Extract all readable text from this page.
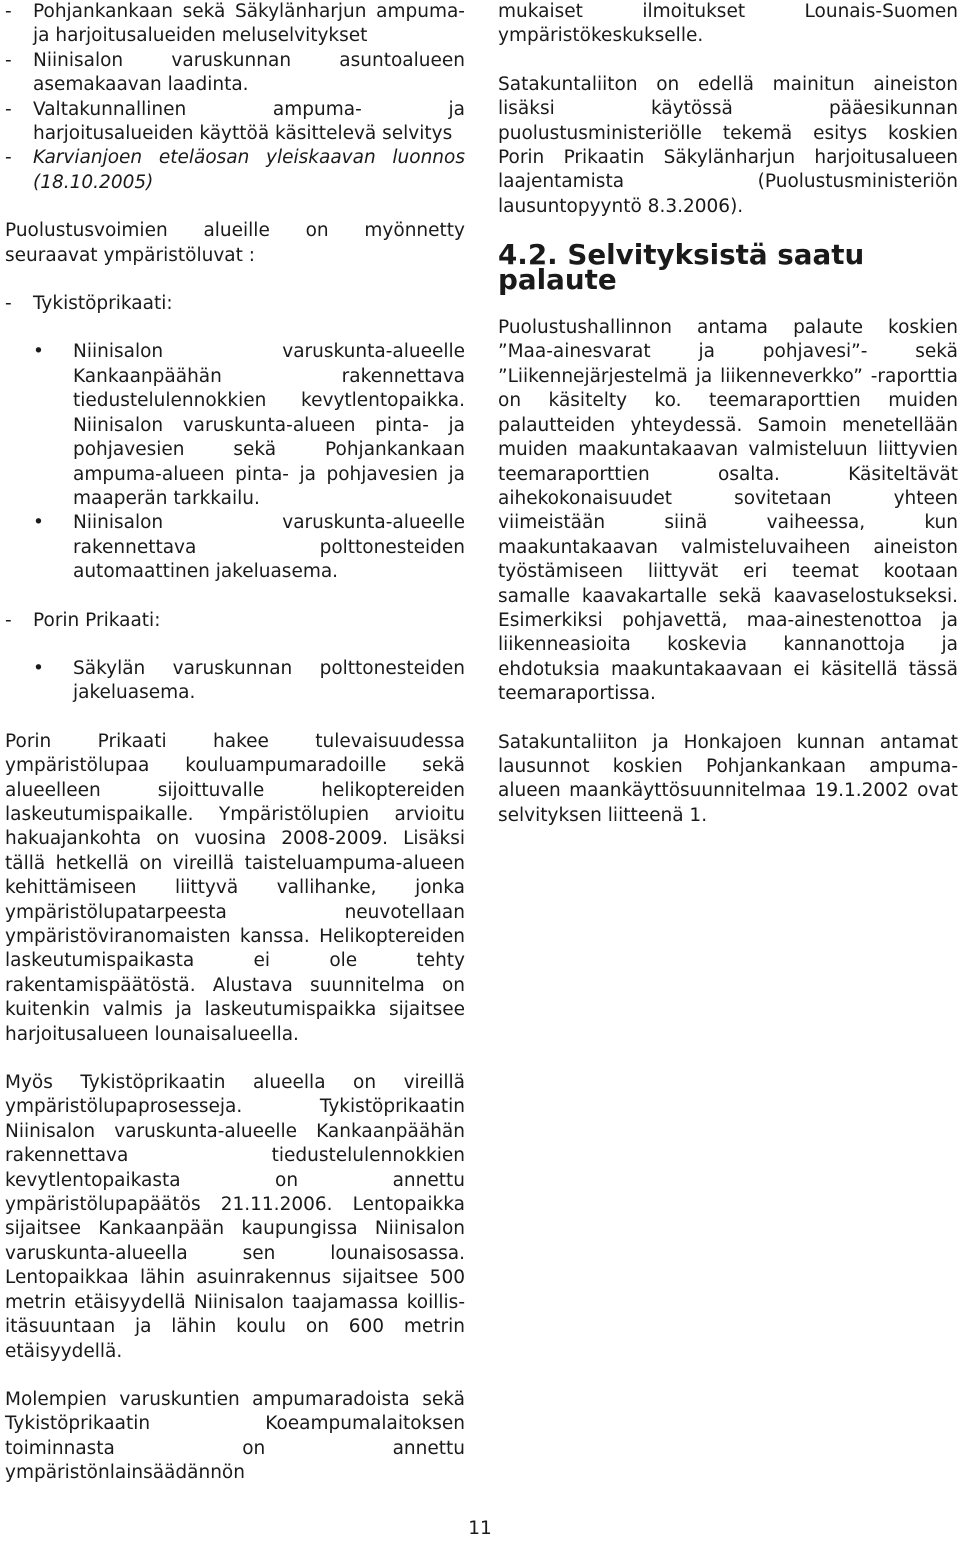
- Pohjankankaan sekä Säkylänharjun ampuma- ja harjoitusalueiden meluselvitykset

- Niinisalon varuskunnan asuntoalueen asemakaavan laadinta.

- Valtakunnallinen ampuma- ja harjoitusalueiden käyttöä käsittelevä selvitys

- Karvianjoen eteläosan yleiskaavan luonnos (18.10.2005)

Puolustusvoimien alueille on myönnetty seuraavat ympäristöluvat :

- Tykistöprikaati:

• Niinisalon varuskunta-alueelle Kankaanpäähän rakennettava tiedustelulennokkien kevytlentopaikka. Niinisalon varuskunta-alueen pinta- ja pohjavesien sekä Pohjankankaan ampuma-alueen pinta- ja pohjavesien ja maaperän tarkkailu.
• Niinisalon varuskunta-alueelle rakennettava polttonesteiden automaattinen jakeluasema.
- Porin Prikaati:

• Säkylän varuskunnan polttonesteiden jakeluasema.

Porin Prikaati hakee tulevaisuudessa ympäristölupaa kouluampumaradoille sekä alueelleen sijoittuvalle helikoptereiden laskeutumispaikalle. Ympäristölupien arvioitu hakuajankohta on vuosina 2008-2009. Lisäksi tällä hetkellä on vireillä taisteluampuma-alueen kehittämiseen liittyvä vallihanke, jonka ympäristölupatarpeesta neuvotellaan ympäristöviranomaisten kanssa. Helikoptereiden laskeutumispaikasta ei ole tehty rakentamispäätöstä. Alustava suunnitelma on kuitenkin valmis ja laskeutumispaikka sijaitsee harjoitusalueen lounaisalueella.

Myös Tykistöprikaatin alueella on vireillä ympäristölupaprosesseja. Tykistöprikaatin Niinisalon varuskunta-alueelle Kankaanpäähän rakennettava tiedustelulennokkien kevytlentopaikasta on annettu ympäristölupapäätös 21.11.2006. Lentopaikka sijaitsee Kankaanpään kaupungissa Niinisalon varuskunta-alueella sen lounaisosassa. Lentopaikkaa lähin asuinrakennus sijaitsee 500 metrin etäisyydellä Niinisalon taajamassa koillis-itäsuuntaan ja lähin koulu on 600 metrin etäisyydellä.

Molempien varuskuntien ampumaradoista sekä Tykistöprikaatin Koeampumalaitoksen toiminnasta on annettu ympäristönlainsäädännön

mukaiset ilmoitukset Lounais-Suomen ympäristökeskukselle.

Satakuntaliiton on edellä mainitun aineiston lisäksi käytössä pääesikunnan puolustusministeriölle tekemä esitys koskien Porin Prikaatin Säkylänharjun harjoitusalueen laajentamista (Puolustusministeriön lausuntopyyntö 8.3.2006).

4.2. Selvityksistä saatu palaute

Puolustushallinnon antama palaute koskien ”Maa-ainesvarat ja pohjavesi”- sekä ”Liikennejärjestelmä ja liikenneverkko” -raporttia on käsitelty ko. teemaraporttien muiden palautteiden yhteydessä. Samoin menetellään muiden maakuntakaavan valmisteluun liittyvien teemaraporttien osalta. Käsiteltävät aihekokonaisuudet sovitetaan yhteen viimeistään siinä vaiheessa, kun maakuntakaavan valmisteluvaiheen aineiston työstämiseen liittyvät eri teemat kootaan samalle kaavakartalle sekä kaavaselostukseksi. Esimerkiksi pohjavettä, maa-ainestenottoa ja liikenneasioita koskevia kannanottoja ja ehdotuksia maakuntakaavaan ei käsitellä tässä teemaraportissa.

Satakuntaliiton ja Honkajoen kunnan antamat lausunnot koskien Pohjankankaan ampuma-alueen maankäyttösuunnitelmaa 19.1.2002 ovat selvityksen liitteenä 1.

11
